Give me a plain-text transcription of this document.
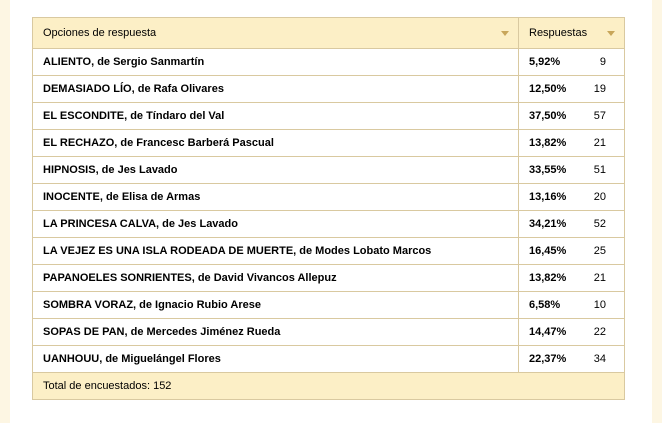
Opciones de respuesta	Respuestas

ALIENTO, de Sergio Sanmartín	5,92% 9

DEMASIADO LÍO, de Rafa Olivares	12,50% 19

EL ESCONDITE, de Tíndaro del Val	37,50% 57

EL RECHAZO, de Francesc Barberá Pascual	13,82% 21

HIPNOSIS, de Jes Lavado	33,55% 51

INOCENTE, de Elisa de Armas	13,16% 20

LA PRINCESA CALVA, de Jes Lavado	34,21% 52

LA VEJEZ ES UNA ISLA RODEADA DE MUERTE, de Modes Lobato Marcos	16,45% 25

PAPANOELES SONRIENTES, de David Vivancos Allepuz	13,82% 21

SOMBRA VORAZ, de Ignacio Rubio Arese	6,58% 10

SOPAS DE PAN, de Mercedes Jiménez Rueda	14,47% 22

UANHOUU, de Miguelángel Flores	22,37% 34

Total de encuestados: 152	
